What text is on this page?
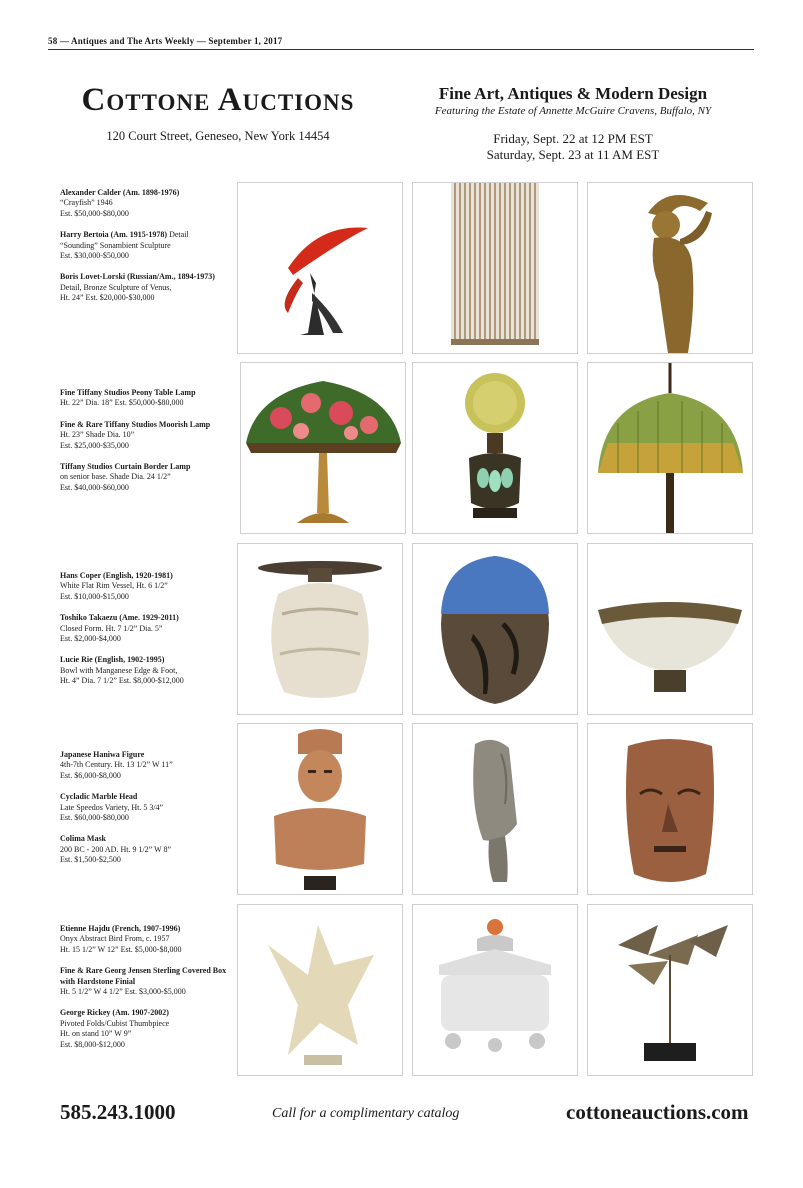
58 — Antiques and The Arts Weekly — September 1, 2017
Cottone Auctions
120 Court Street, Geneseo, New York 14454
Fine Art, Antiques & Modern Design
Featuring the Estate of Annette McGuire Cravens, Buffalo, NY
Friday, Sept. 22 at 12 PM EST
Saturday, Sept. 23 at 11 AM EST
Alexander Calder (Am. 1898-1976)
“Crayfish” 1946
Est. $50,000-$80,000
Harry Bertoia (Am. 1915-1978) Detail
“Sounding” Sonambient Sculpture
Est. $30,000-$50,000
Boris Lovet-Lorski (Russian/Am., 1894-1973)
Detail, Bronze Sculpture of Venus,
Ht. 24” Est. $20,000-$30,000
Fine Tiffany Studios Peony Table Lamp
Ht. 22” Dia. 18” Est. $50,000-$80,000
Fine & Rare Tiffany Studios Moorish Lamp
Ht. 23” Shade Dia. 10”
Est. $25,000-$35,000
Tiffany Studios Curtain Border Lamp
on senior base. Shade Dia. 24 1/2”
Est. $40,000-$60,000
Hans Coper (English, 1920-1981)
White Flat Rim Vessel, Ht. 6 1/2”
Est. $10,000-$15,000
Toshiko Takaezu (Ame. 1929-2011)
Closed Form. Ht. 7 1/2” Dia. 5”
Est. $2,000-$4,000
Lucie Rie (English, 1902-1995)
Bowl with Manganese Edge & Foot,
Ht. 4” Dia. 7 1/2” Est. $8,000-$12,000
Japanese Haniwa Figure
4th-7th Century. Ht. 13 1/2” W 11”
Est. $6,000-$8,000
Cycladic Marble Head
Late Speedos Variety, Ht. 5 3/4”
Est. $60,000-$80,000
Colima Mask
200 BC - 200 AD. Ht. 9 1/2” W 8”
Est. $1,500-$2,500
Etienne Hajdu (French, 1907-1996)
Onyx Abstract Bird From, c. 1957
Ht. 15 1/2” W 12” Est. $5,000-$8,000
Fine & Rare Georg Jensen Sterling Covered Box with Hardstone Finial
Ht. 5 1/2” W 4 1/2” Est. $3,000-$5,000
George Rickey (Am. 1907-2002)
Pivoted Folds/Cubist Thumbpiece
Ht. on stand 10” W 9”
Est. $8,000-$12,000
585.243.1000	Call for a complimentary catalog	cottoneauctions.com
